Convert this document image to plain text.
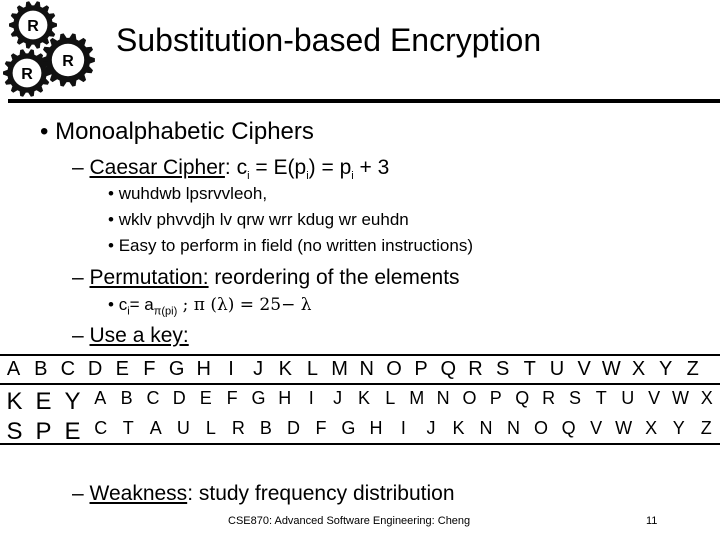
R
R
R
Substitution-based Encryption
• Monoalphabetic Ciphers
– Caesar Cipher: $c_i = E(p_i) = p_i + 3$
• wuhdwb lpsrvvleoh,
• wklv phvvdjh lv qrw wrr kdug wr euhdn
• Easy to perform in field (no written instructions)
– Permutation: reordering of the elements
• $c_i= a_{\pi(pi)}$ ; π (λ) = 25− λ
– Use a key:
A B C D E F G H I J K L M N O P Q R S T U V W X Y Z
K E Y A B C D E F G H I	J K L M N O P Q R S T U V W X
S P E C T A U L R B D F G H	I	J K N N O Q V W X Y Z
– Weakness: study frequency distribution
CSE870: Advanced Software Engineering: Cheng	11
